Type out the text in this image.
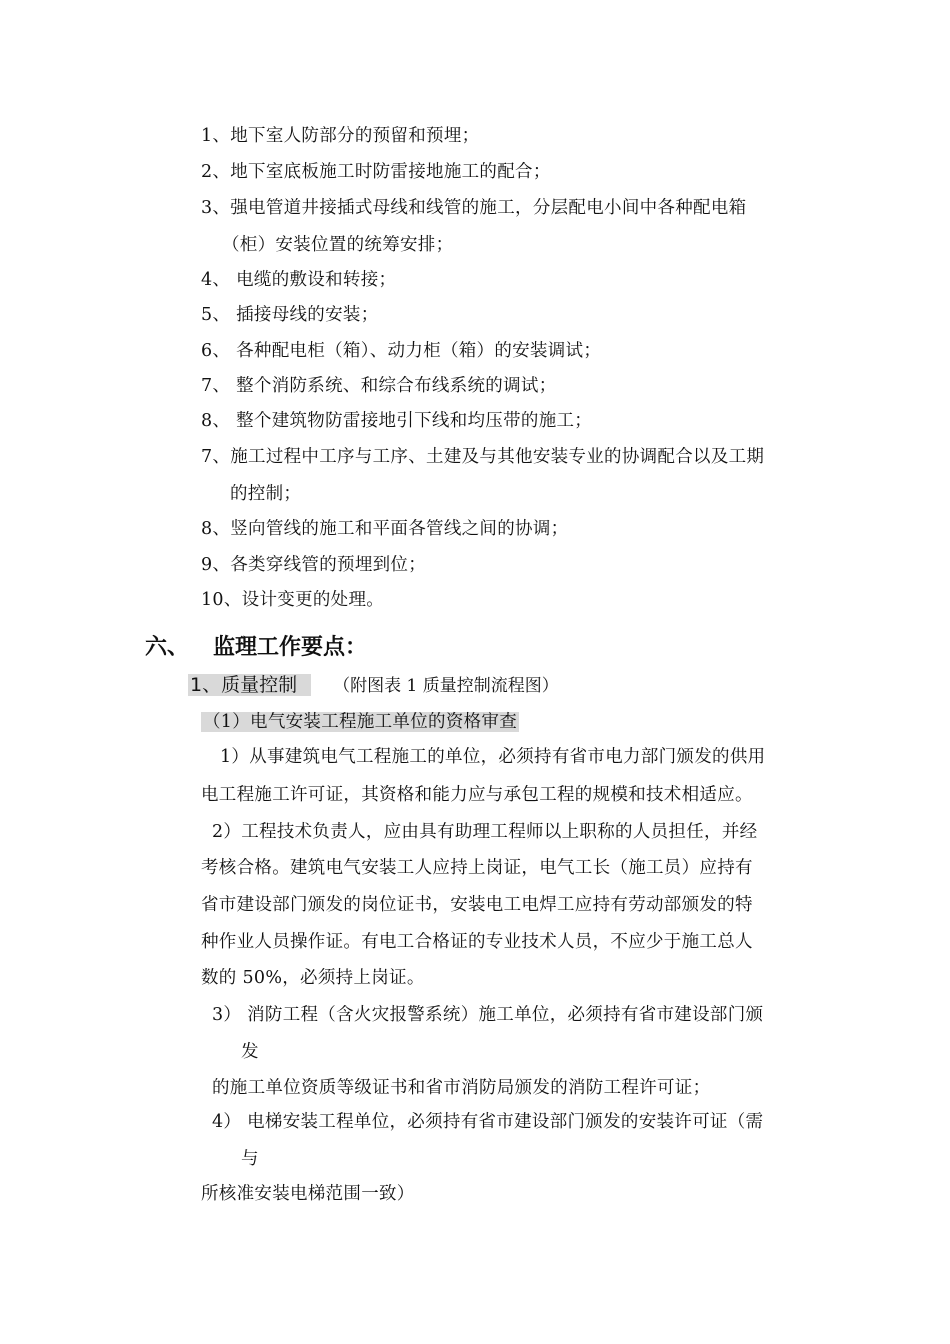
1、地下室人防部分的预留和预埋；
2、地下室底板施工时防雷接地施工的配合；
3、强电管道井接插式母线和线管的施工，分层配电小间中各种配电箱
（柜）安装位置的统筹安排；
4、 电缆的敷设和转接；
5、 插接母线的安装；
6、 各种配电柜（箱）、动力柜（箱）的安装调试；
7、 整个消防系统、和综合布线系统的调试；
8、 整个建筑物防雷接地引下线和均压带的施工；
7、施工过程中工序与工序、土建及与其他安装专业的协调配合以及工期
的控制；
8、竖向管线的施工和平面各管线之间的协调；
9、各类穿线管的预埋到位；
10、设计变更的处理。
六、 监理工作要点：
1、质量控制 （附图表 1 质量控制流程图）
（1）电气安装工程施工单位的资格审查
1）从事建筑电气工程施工的单位，必须持有省市电力部门颁发的供用
电工程施工许可证，其资格和能力应与承包工程的规模和技术相适应。
2）工程技术负责人，应由具有助理工程师以上职称的人员担任，并经
考核合格。建筑电气安装工人应持上岗证，电气工长（施工员）应持有
省市建设部门颁发的岗位证书，安装电工电焊工应持有劳动部颁发的特
种作业人员操作证。有电工合格证的专业技术人员，不应少于施工总人
数的 50%，必须持上岗证。
3） 消防工程（含火灾报警系统）施工单位，必须持有省市建设部门颁
发
的施工单位资质等级证书和省市消防局颁发的消防工程许可证；
4） 电梯安装工程单位，必须持有省市建设部门颁发的安装许可证（需
与
所核准安装电梯范围一致）
